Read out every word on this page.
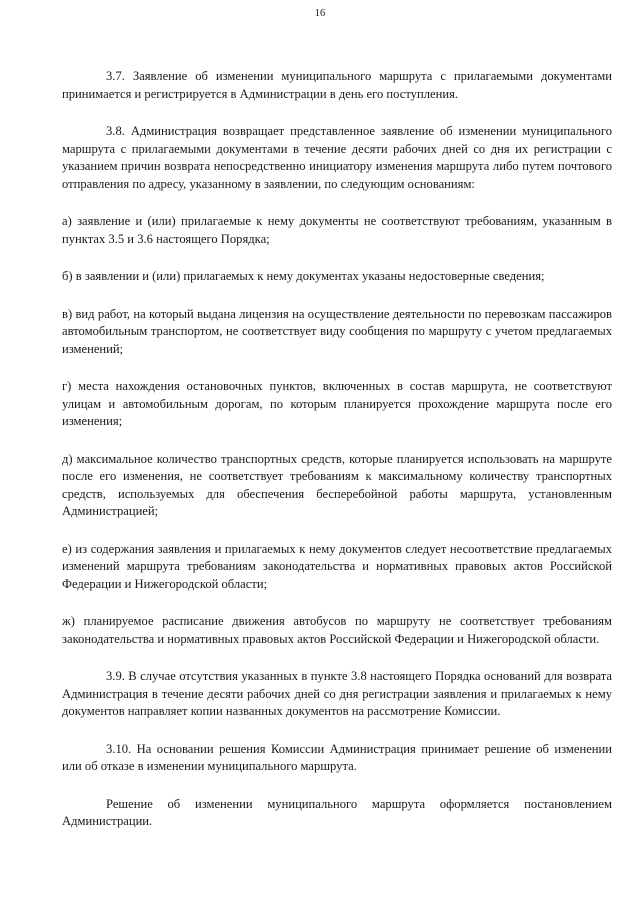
16

3.7. Заявление об изменении муниципального маршрута с прилагаемыми документами принимается и регистрируется в Администрации в день его поступления.

3.8. Администрация возвращает представленное заявление об изменении муниципального маршрута с прилагаемыми документами в течение десяти рабочих дней со дня их регистрации с указанием причин возврата непосредственно инициатору изменения маршрута либо путем почтового отправления по адресу, указанному в заявлении, по следующим основаниям:

а) заявление и (или) прилагаемые к нему документы не соответствуют требованиям, указанным в пунктах 3.5 и 3.6 настоящего Порядка;

б) в заявлении и (или) прилагаемых к нему документах указаны недостоверные сведения;

в) вид работ, на который выдана лицензия на осуществление деятельности по перевозкам пассажиров автомобильным транспортом, не соответствует виду сообщения по маршруту с учетом предлагаемых изменений;

г) места нахождения остановочных пунктов, включенных в состав маршрута, не соответствуют улицам и автомобильным дорогам, по которым планируется прохождение маршрута после его изменения;

д) максимальное количество транспортных средств, которые планируется использовать на маршруте после его изменения, не соответствует требованиям к максимальному количеству транспортных средств, используемых для обеспечения бесперебойной работы маршрута, установленным Администрацией;

е) из содержания заявления и прилагаемых к нему документов следует несоответствие предлагаемых изменений маршрута требованиям законодательства и нормативных правовых актов Российской Федерации и Нижегородской области;

ж) планируемое расписание движения автобусов по маршруту не соответствует требованиям законодательства и нормативных правовых актов Российской Федерации и Нижегородской области.

3.9. В случае отсутствия указанных в пункте 3.8 настоящего Порядка оснований для возврата Администрация в течение десяти рабочих дней со дня регистрации заявления и прилагаемых к нему документов направляет копии названных документов на рассмотрение Комиссии.

3.10. На основании решения Комиссии Администрация принимает решение об изменении или об отказе в изменении муниципального маршрута.

Решение об изменении муниципального маршрута оформляется постановлением Администрации.
